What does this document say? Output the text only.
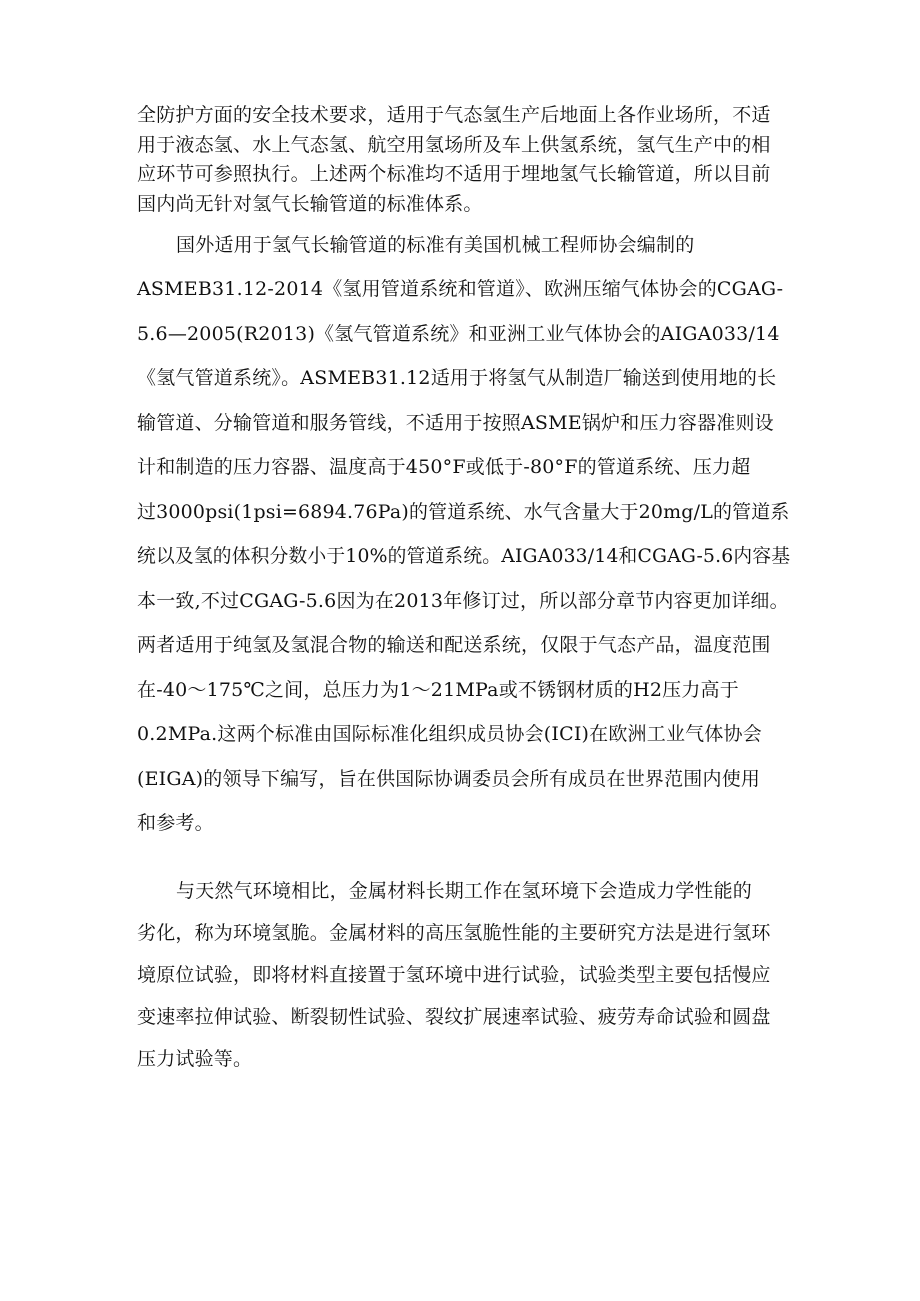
全防护方面的安全技术要求，适用于气态氢生产后地面上各作业场所，不适

用于液态氢、水上气态氢、航空用氢场所及车上供氢系统，氢气生产中的相

应环节可参照执行。上述两个标准均不适用于埋地氢气长输管道，所以目前

国内尚无针对氢气长输管道的标准体系。

国外适用于氢气长输管道的标准有美国机械工程师协会编制的

ASMEB31.12-2014《氢用管道系统和管道》、欧洲压缩气体协会的CGAG-

5.6—2005(R2013)《氢气管道系统》和亚洲工业气体协会的AIGA033/14

《氢气管道系统》。ASMEB31.12适用于将氢气从制造厂输送到使用地的长

输管道、分输管道和服务管线，不适用于按照ASME锅炉和压力容器准则设

计和制造的压力容器、温度高于450°F或低于-80°F的管道系统、压力超

过3000psi(1psi=6894.76Pa)的管道系统、水气含量大于20mg/L的管道系

统以及氢的体积分数小于10%的管道系统。AIGA033/14和CGAG-5.6内容基

本一致,不过CGAG-5.6因为在2013年修订过，所以部分章节内容更加详细。

两者适用于纯氢及氢混合物的输送和配送系统，仅限于气态产品，温度范围

在-40～175℃之间，总压力为1～21MPa或不锈钢材质的H2压力高于

0.2MPa.这两个标准由国际标准化组织成员协会(ICI)在欧洲工业气体协会

(EIGA)的领导下编写，旨在供国际协调委员会所有成员在世界范围内使用

和参考。

与天然气环境相比，金属材料长期工作在氢环境下会造成力学性能的

劣化，称为环境氢脆。金属材料的高压氢脆性能的主要研究方法是进行氢环

境原位试验，即将材料直接置于氢环境中进行试验，试验类型主要包括慢应

变速率拉伸试验、断裂韧性试验、裂纹扩展速率试验、疲劳寿命试验和圆盘

压力试验等。
